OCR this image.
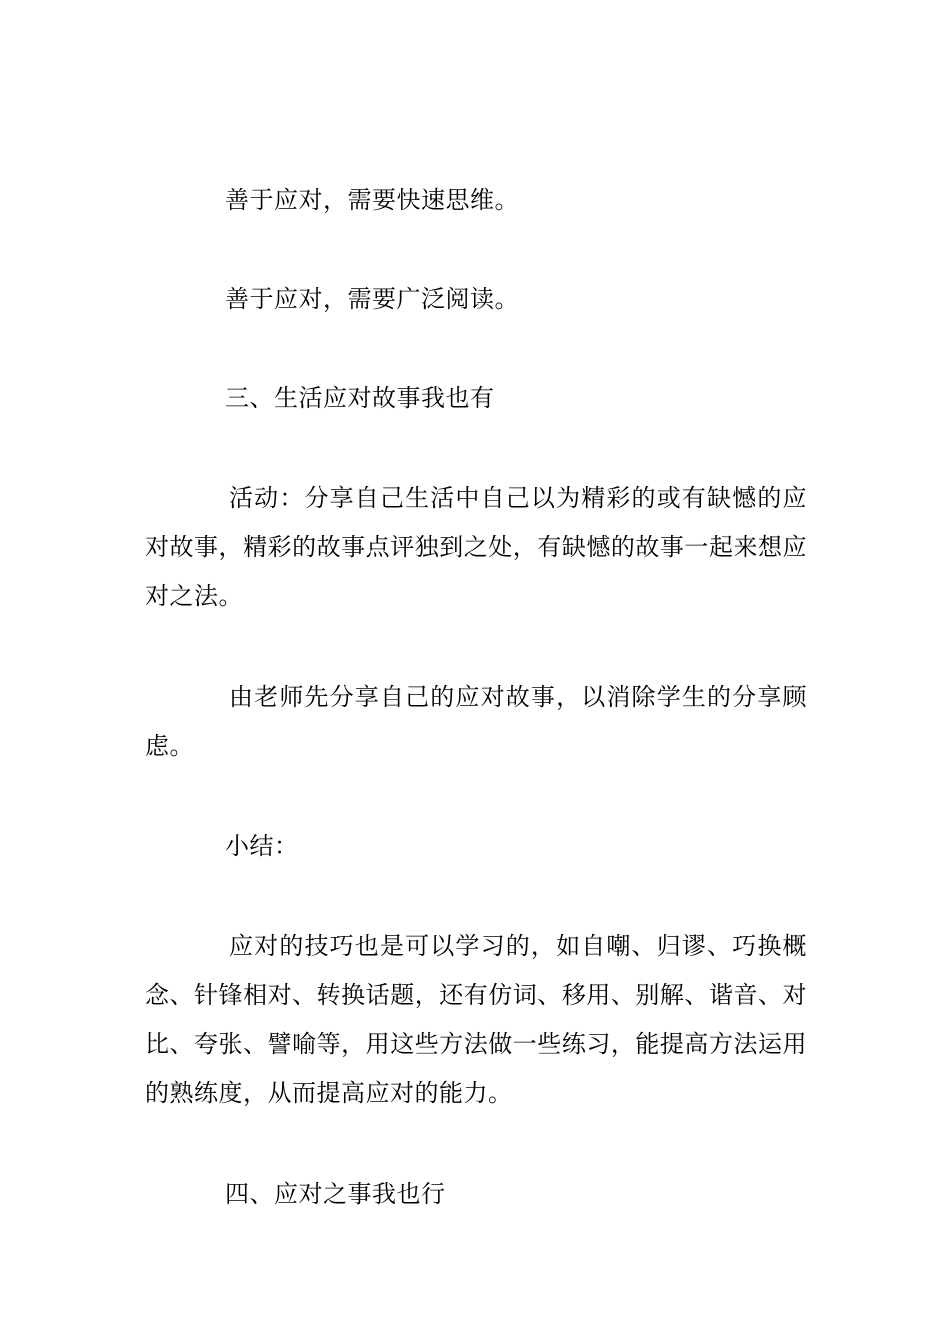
善于应对，需要快速思维。

善于应对，需要广泛阅读。

三、生活应对故事我也有

活动：分享自己生活中自己以为精彩的或有缺憾的应对故事，精彩的故事点评独到之处，有缺憾的故事一起来想应对之法。

由老师先分享自己的应对故事，以消除学生的分享顾虑。

小结：

应对的技巧也是可以学习的，如自嘲、归谬、巧换概念、针锋相对、转换话题，还有仿词、移用、别解、谐音、对比、夸张、譬喻等，用这些方法做一些练习，能提高方法运用的熟练度，从而提高应对的能力。

四、应对之事我也行
